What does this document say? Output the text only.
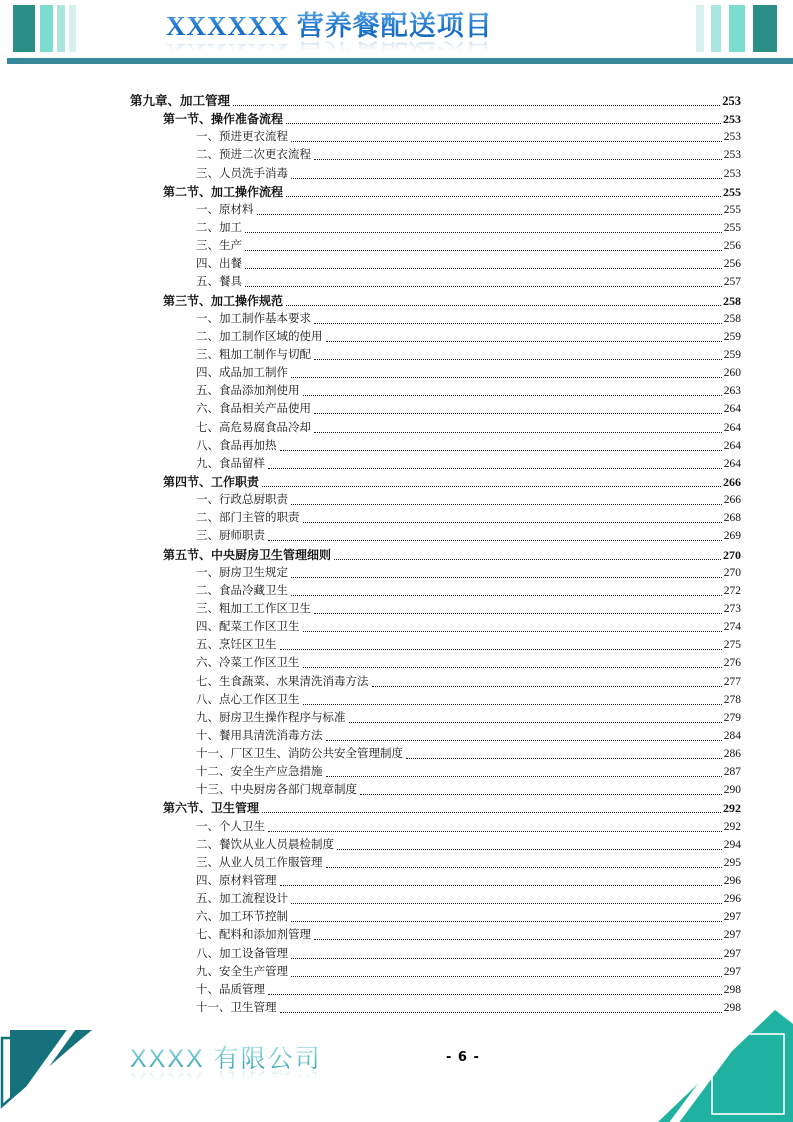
XXXXXX 营养餐配送项目
第九章、加工管理	253
第一节、操作准备流程	253
一、预进更衣流程	253
二、预进二次更衣流程	253
三、人员洗手消毒	253
第二节、加工操作流程	255
一、原材料	255
二、加工	255
三、生产	256
四、出餐	256
五、餐具	257
第三节、加工操作规范	258
一、加工制作基本要求	258
二、加工制作区域的使用	259
三、粗加工制作与切配	259
四、成品加工制作	260
五、食品添加剂使用	263
六、食品相关产品使用	264
七、高危易腐食品冷却	264
八、食品再加热	264
九、食品留样	264
第四节、工作职责	266
一、行政总厨职责	266
二、部门主管的职责	268
三、厨师职责	269
第五节、中央厨房卫生管理细则	270
一、厨房卫生规定	270
二、食品冷藏卫生	272
三、粗加工工作区卫生	273
四、配菜工作区卫生	274
五、烹饪区卫生	275
六、冷菜工作区卫生	276
七、生食蔬菜、水果清洗消毒方法	277
八、点心工作区卫生	278
九、厨房卫生操作程序与标准	279
十、餐用具清洗消毒方法	284
十一、厂区卫生、消防公共安全管理制度	286
十二、安全生产应急措施	287
十三、中央厨房各部门规章制度	290
第六节、卫生管理	292
一、个人卫生	292
二、餐饮从业人员晨检制度	294
三、从业人员工作服管理	295
四、原材料管理	296
五、加工流程设计	296
六、加工环节控制	297
七、配料和添加剂管理	297
八、加工设备管理	297
九、安全生产管理	297
十、品质管理	298
十一、卫生管理	298
XXXX 有限公司	- 6 -
